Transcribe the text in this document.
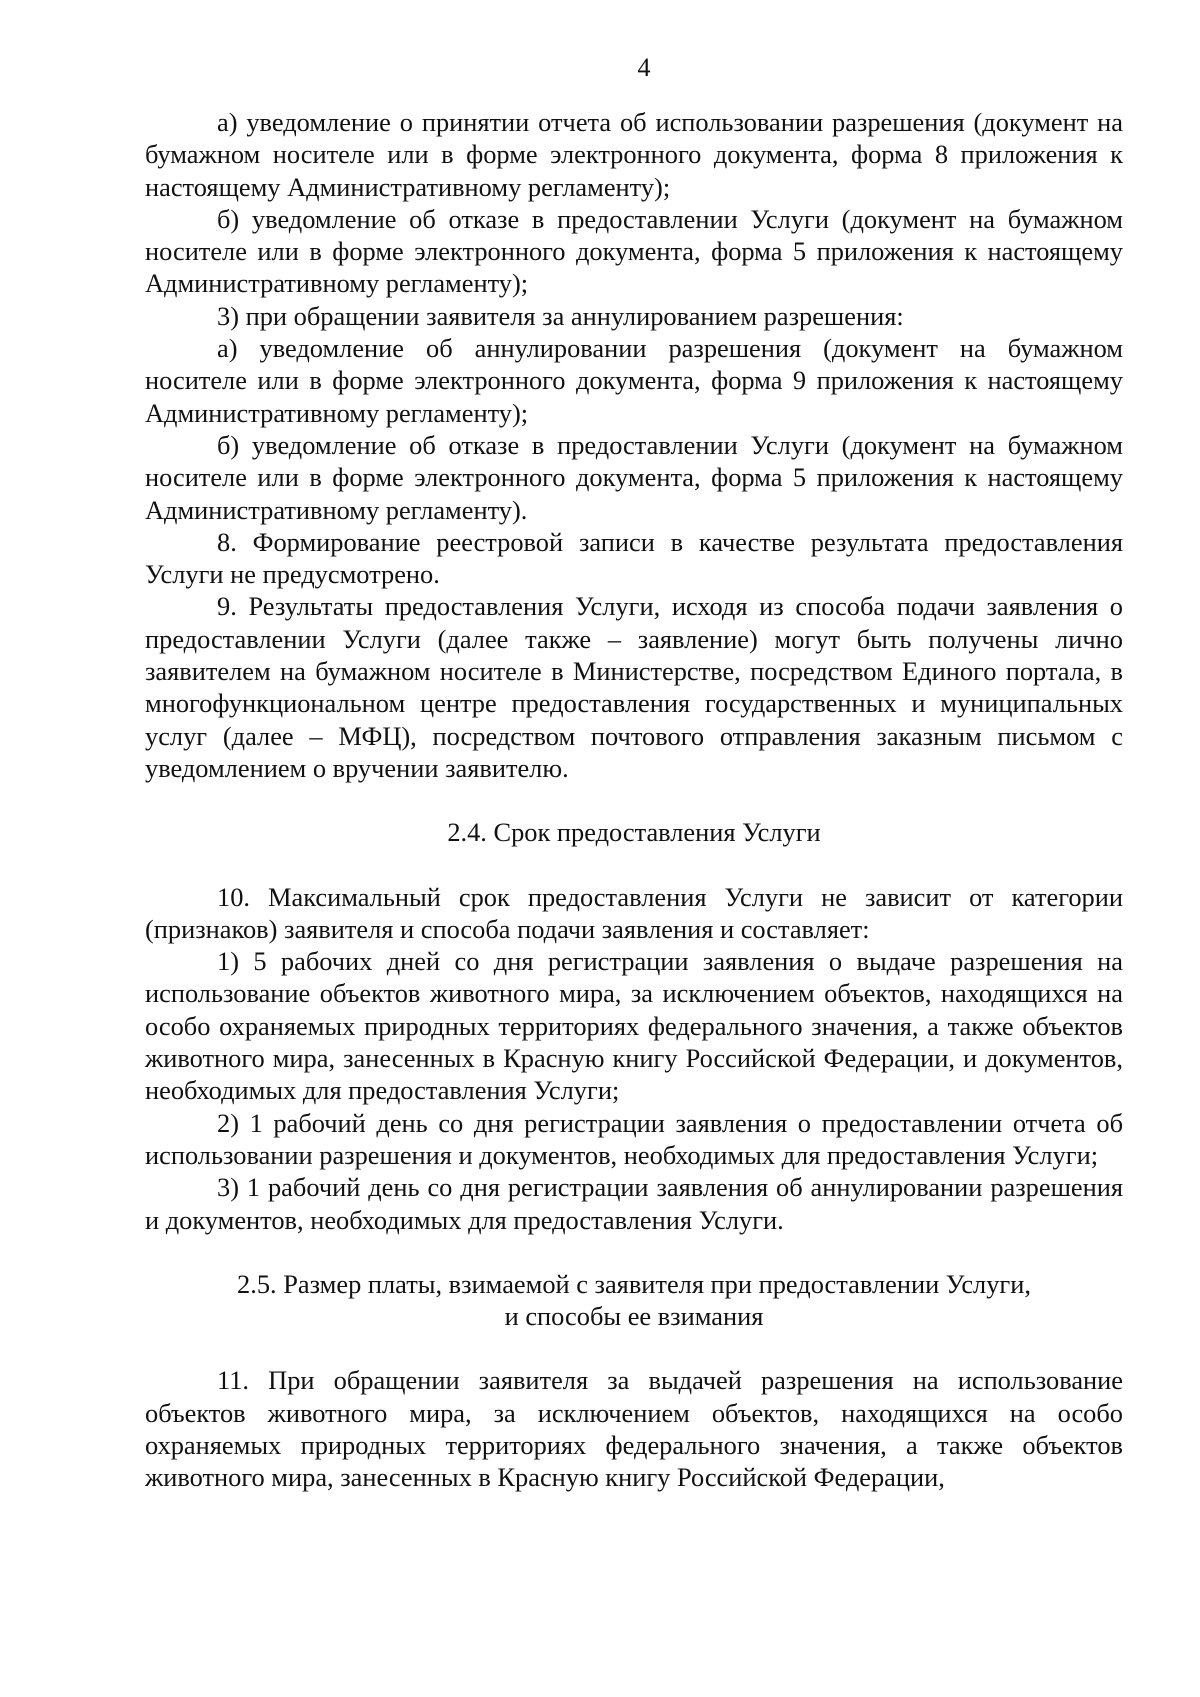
4

а) уведомление о принятии отчета об использовании разрешения (документ на бумажном носителе или в форме электронного документа, форма 8 приложения к настоящему Административному регламенту);

б) уведомление об отказе в предоставлении Услуги (документ на бумажном носителе или в форме электронного документа, форма 5 приложения к настоящему Административному регламенту);

3) при обращении заявителя за аннулированием разрешения:

а) уведомление об аннулировании разрешения (документ на бумажном носителе или в форме электронного документа, форма 9 приложения к настоящему Административному регламенту);

б) уведомление об отказе в предоставлении Услуги (документ на бумажном носителе или в форме электронного документа, форма 5 приложения к настоящему Административному регламенту).

8. Формирование реестровой записи в качестве результата предоставления Услуги не предусмотрено.

9. Результаты предоставления Услуги, исходя из способа подачи заявления о предоставлении Услуги (далее также – заявление) могут быть получены лично заявителем на бумажном носителе в Министерстве, посредством Единого портала, в многофункциональном центре предоставления государственных и муниципальных услуг (далее – МФЦ), посредством почтового отправления заказным письмом с уведомлением о вручении заявителю.

2.4. Срок предоставления Услуги

10. Максимальный срок предоставления Услуги не зависит от категории (признаков) заявителя и способа подачи заявления и составляет:

1) 5 рабочих дней со дня регистрации заявления о выдаче разрешения на использование объектов животного мира, за исключением объектов, находящихся на особо охраняемых природных территориях федерального значения, а также объектов животного мира, занесенных в Красную книгу Российской Федерации, и документов, необходимых для предоставления Услуги;

2) 1 рабочий день со дня регистрации заявления о предоставлении отчета об использовании разрешения и документов, необходимых для предоставления Услуги;

3) 1 рабочий день со дня регистрации заявления об аннулировании разрешения и документов, необходимых для предоставления Услуги.

2.5. Размер платы, взимаемой с заявителя при предоставлении Услуги,

и способы ее взимания

11. При обращении заявителя за выдачей разрешения на использование объектов животного мира, за исключением объектов, находящихся на особо охраняемых природных территориях федерального значения, а также объектов животного мира, занесенных в Красную книгу Российской Федерации,
